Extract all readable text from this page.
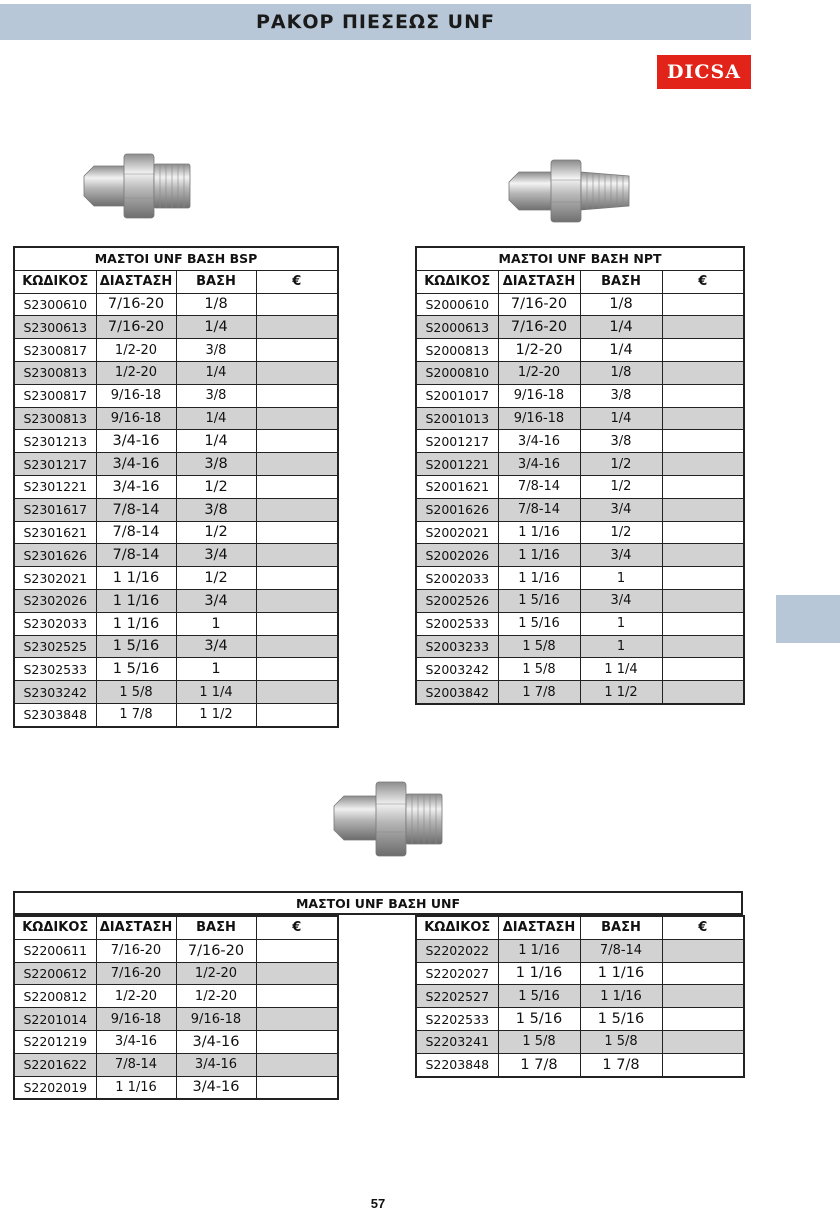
ΡΑΚΟΡ ΠΙΕΣΕΩΣ UNF
DICSA
ΜΑΣΤΟΙ UNF ΒΑΣΗ BSP			
ΚΩΔΙΚΟΣ	ΔΙΑΣΤΑΣΗ	ΒΑΣΗ	€
S2300610	7/16-20	1/8	
S2300613	7/16-20	1/4	
S2300817	1/2-20	3/8	
S2300813	1/2-20	1/4	
S2300817	9/16-18	3/8	
S2300813	9/16-18	1/4	
S2301213	3/4-16	1/4	
S2301217	3/4-16	3/8	
S2301221	3/4-16	1/2	
S2301617	7/8-14	3/8	
S2301621	7/8-14	1/2	
S2301626	7/8-14	3/4	
S2302021	1 1/16	1/2	
S2302026	1 1/16	3/4	
S2302033	1 1/16	1	
S2302525	1 5/16	3/4	
S2302533	1 5/16	1	
S2303242	1 5/8	1 1/4	
S2303848	1 7/8	1 1/2	
ΜΑΣΤΟΙ UNF ΒΑΣΗ NPT			
ΚΩΔΙΚΟΣ	ΔΙΑΣΤΑΣΗ	ΒΑΣΗ	€
S2000610	7/16-20	1/8	
S2000613	7/16-20	1/4	
S2000813	1/2-20	1/4	
S2000810	1/2-20	1/8	
S2001017	9/16-18	3/8	
S2001013	9/16-18	1/4	
S2001217	3/4-16	3/8	
S2001221	3/4-16	1/2	
S2001621	7/8-14	1/2	
S2001626	7/8-14	3/4	
S2002021	1 1/16	1/2	
S2002026	1 1/16	3/4	
S2002033	1 1/16	1	
S2002526	1 5/16	3/4	
S2002533	1 5/16	1	
S2003233	1 5/8	1	
S2003242	1 5/8	1 1/4	
S2003842	1 7/8	1 1/2	
ΜΑΣΤΟΙ UNF ΒΑΣΗ UNF
ΚΩΔΙΚΟΣ	ΔΙΑΣΤΑΣΗ	ΒΑΣΗ	€
S2200611	7/16-20	7/16-20	
S2200612	7/16-20	1/2-20	
S2200812	1/2-20	1/2-20	
S2201014	9/16-18	9/16-18	
S2201219	3/4-16	3/4-16	
S2201622	7/8-14	3/4-16	
S2202019	1 1/16	3/4-16	
ΚΩΔΙΚΟΣ	ΔΙΑΣΤΑΣΗ	ΒΑΣΗ	€
S2202022	1 1/16	7/8-14	
S2202027	1 1/16	1 1/16	
S2202527	1 5/16	1 1/16	
S2202533	1 5/16	1 5/16	
S2203241	1 5/8	1 5/8	
S2203848	1 7/8	1 7/8	
57
